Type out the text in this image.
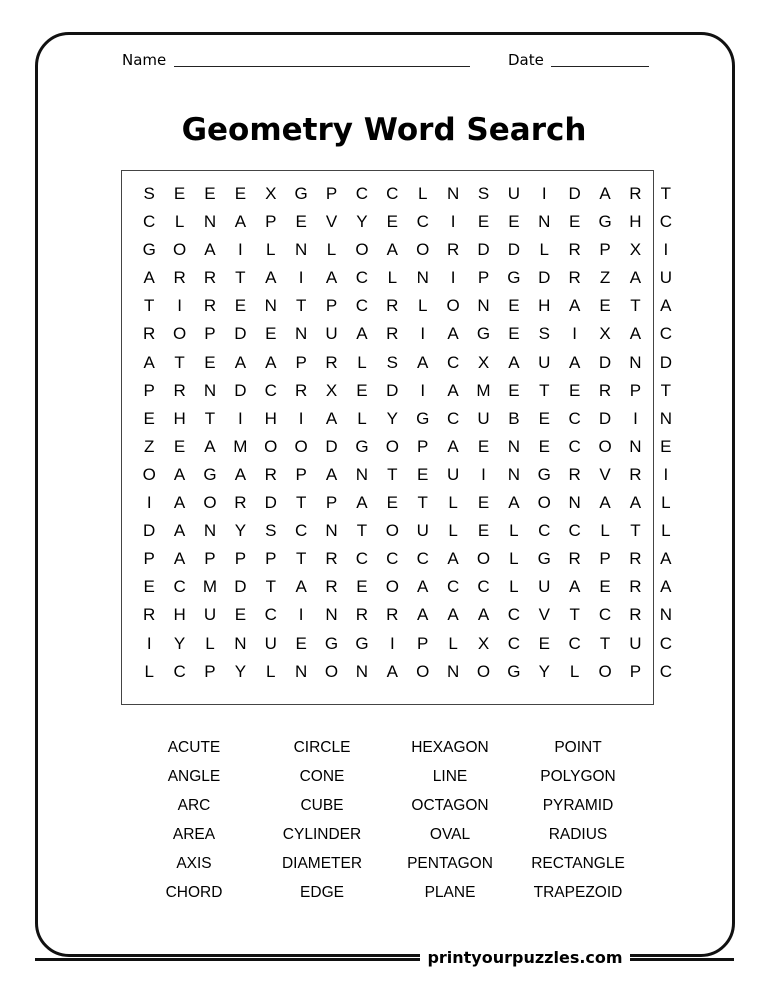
Name	Date
Geometry Word Search
S E E E X G P C C L N S U I D A R T
C L N A P E V Y E C I E E N E G H C
G O A I L N L O A O R D D L R P X I
A R R T A I A C L N I P G D R Z A U
T I R E N T P C R L O N E H A E T A
R O P D E N U A R I A G E S I X A C
A T E A A P R L S A C X A U A D N D
P R N D C R X E D I A M E T E R P T
E H T I H I A L Y G C U B E C D I N
Z E A M O O D G O P A E N E C O N E
O A G A R P A N T E U I N G R V R I
I A O R D T P A E T L E A O N A A L
D A N Y S C N T O U L E L C C L T L
P A P P P T R C C C A O L G R P R A
E C M D T A R E O A C C L U A E R A
R H U E C I N R R A A A C V T C R N
I Y L N U E G G I P L X C E C T U C
L C P Y L N O N A O N O G Y L O P C
ACUTE	CIRCLE	HEXAGON	POINT
ANGLE	CONE	LINE	POLYGON
ARC	CUBE	OCTAGON	PYRAMID
AREA	CYLINDER	OVAL	RADIUS
AXIS	DIAMETER	PENTAGON RECTANGLE
CHORD	EDGE	PLANE	TRAPEZOID
printyourpuzzles.com
